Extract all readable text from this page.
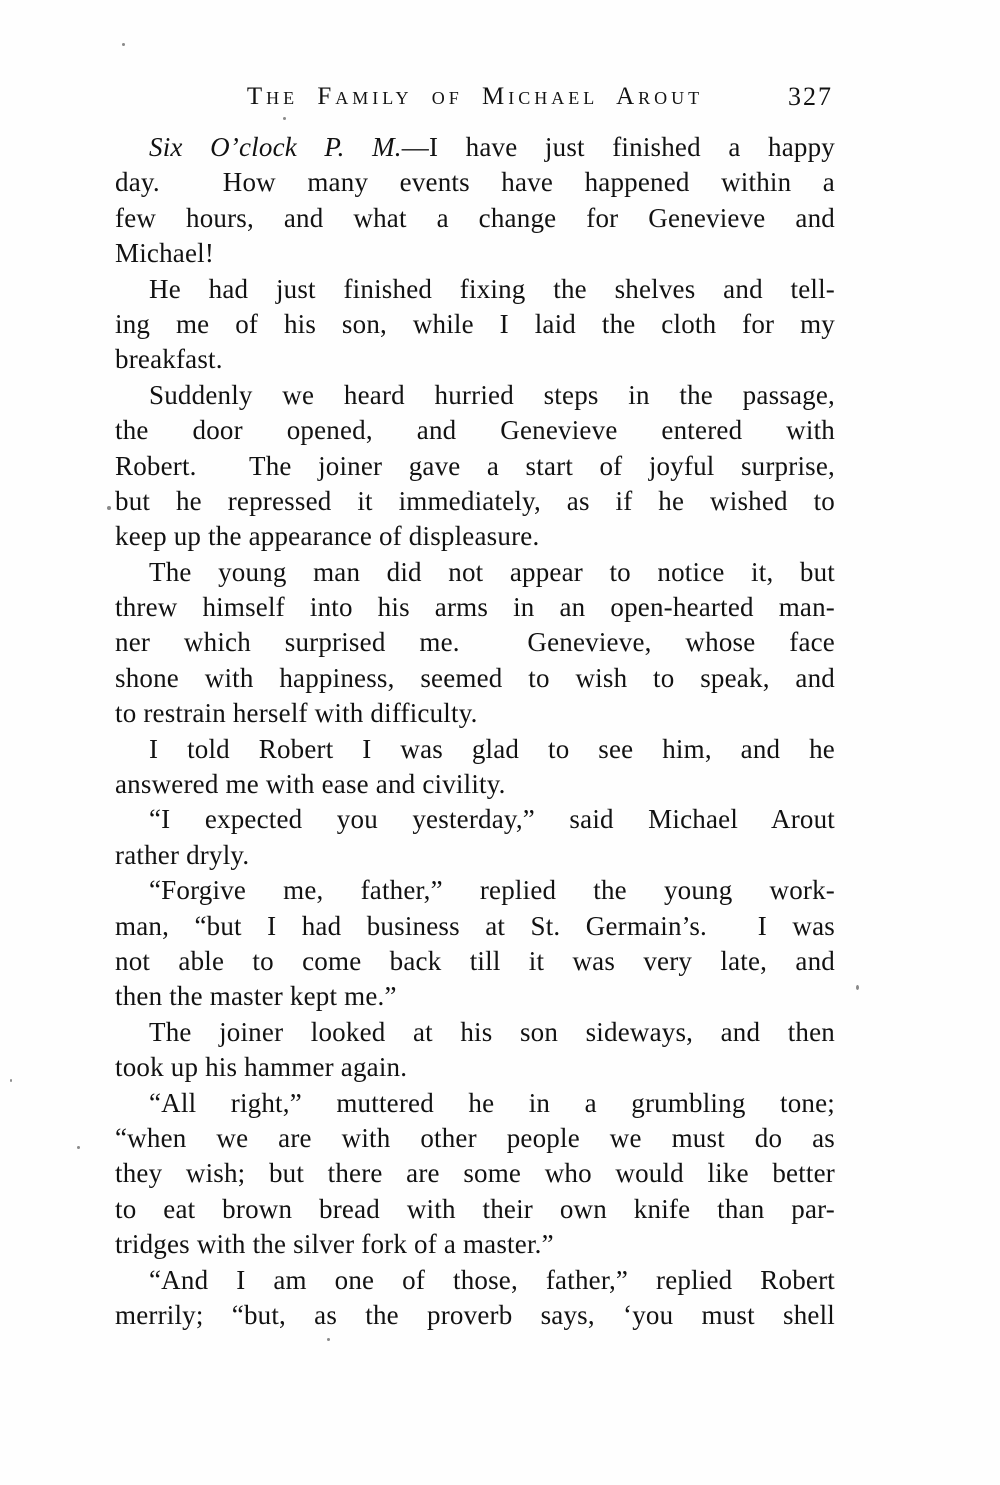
The Family of Michael Arout	327
Six O’clock P. M.—I have just finished a happy
day.  How many events have happened within a
few hours, and what a change for Genevieve and
Michael!
He had just finished fixing the shelves and tell-
ing me of his son, while I laid the cloth for my
breakfast.
Suddenly we heard hurried steps in the passage,
the door opened, and Genevieve entered with
Robert.  The joiner gave a start of joyful surprise,
but he repressed it immediately, as if he wished to
keep up the appearance of displeasure.
The young man did not appear to notice it, but
threw himself into his arms in an open-hearted man-
ner which surprised me.  Genevieve, whose face
shone with happiness, seemed to wish to speak, and
to restrain herself with difficulty.
I told Robert I was glad to see him, and he
answered me with ease and civility.
“I expected you yesterday,” said Michael Arout
rather dryly.
“Forgive me, father,” replied the young work-
man, “but I had business at St. Germain’s.  I was
not able to come back till it was very late, and
then the master kept me.”
The joiner looked at his son sideways, and then
took up his hammer again.
“All right,” muttered he in a grumbling tone;
“when we are with other people we must do as
they wish; but there are some who would like better
to eat brown bread with their own knife than par-
tridges with the silver fork of a master.”
“And I am one of those, father,” replied Robert
merrily; “but, as the proverb says, ‘you must shell
